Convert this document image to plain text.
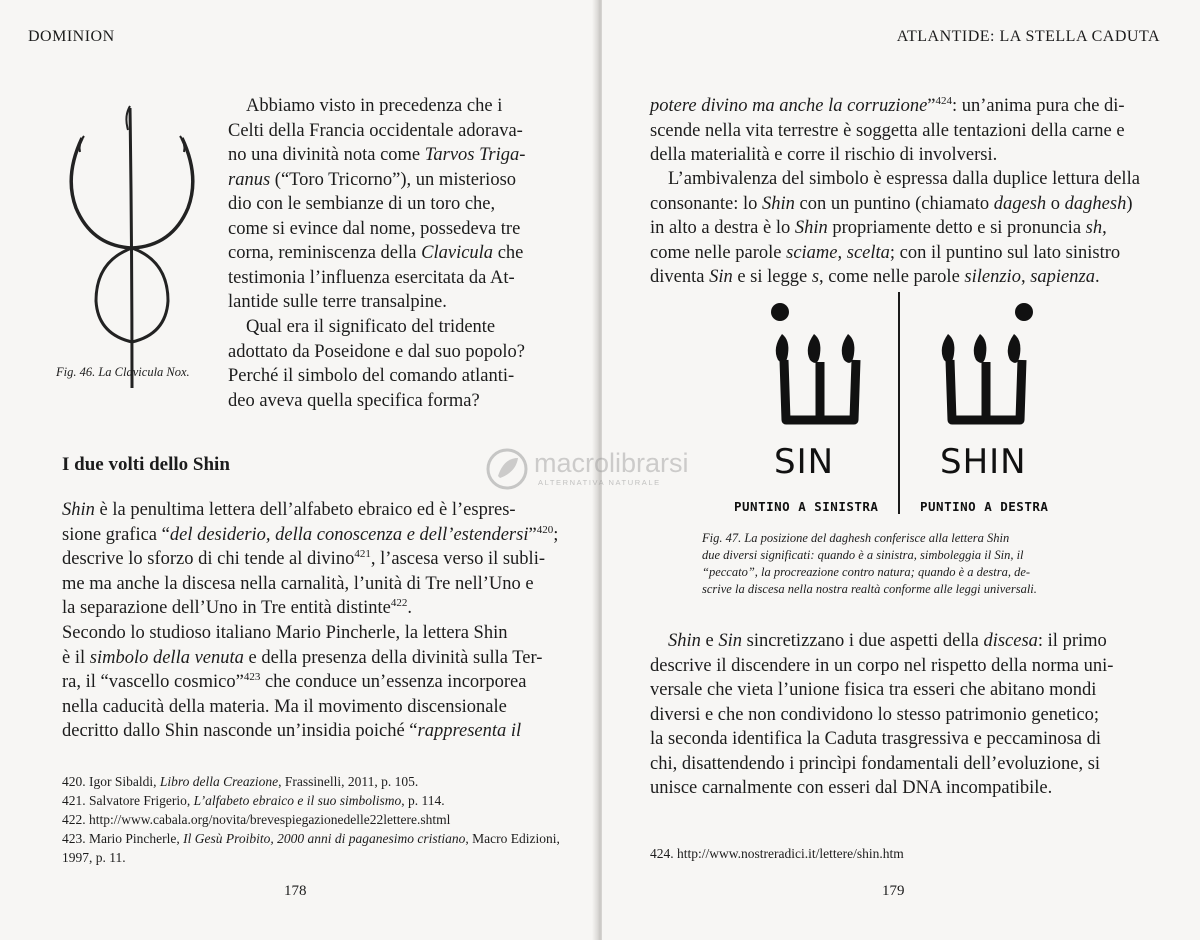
DOMINION

Fig. 46. La Clavicula Nox.

Abbiamo visto in precedenza che i
Celti della Francia occidentale adorava-
no una divinità nota come Tarvos Triga-
ranus (“Toro Tricorno”), un misterioso
dio con le sembianze di un toro che,
come si evince dal nome, possedeva tre
corna, reminiscenza della Clavicula che
testimonia l’influenza esercitata da At-
lantide sulle terre transalpine.

Qual era il significato del tridente
adottato da Poseidone e dal suo popolo?
Perché il simbolo del comando atlanti-
deo aveva quella specifica forma?

I due volti dello Shin

Shin è la penultima lettera dell’alfabeto ebraico ed è l’espres-
sione grafica “del desiderio, della conoscenza e dell’estendersi”$^{420}$;
descrive lo sforzo di chi tende al divino$^{421}$, l’ascesa verso il subli-
me ma anche la discesa nella carnalità, l’unità di Tre nell’Uno e
la separazione dell’Uno in Tre entità distinte$^{422}$.

Secondo lo studioso italiano Mario Pincherle, la lettera Shin
è il simbolo della venuta e della presenza della divinità sulla Ter-
ra, il “vascello cosmico”$^{423}$ che conduce un’essenza incorporea
nella caducità della materia. Ma il movimento discensionale
decritto dallo Shin nasconde un’insidia poiché “rappresenta il

420. Igor Sibaldi, Libro della Creazione, Frassinelli, 2011, p. 105.
421. Salvatore Frigerio, L’alfabeto ebraico e il suo simbolismo, p. 114.
422. http://www.cabala.org/novita/brevespiegazionedelle22lettere.shtml
423. Mario Pincherle, Il Gesù Proibito, 2000 anni di paganesimo cristiano, Macro Edizioni,
1997, p. 11.
178
ATLANTIDE: LA STELLA CADUTA

potere divino ma anche la corruzione”$^{424}$: un’anima pura che di-
scende nella vita terrestre è soggetta alle tentazioni della carne e
della materialità e corre il rischio di involversi.

L’ambivalenza del simbolo è espressa dalla duplice lettura della
consonante: lo Shin con un puntino (chiamato dagesh o daghesh)
in alto a destra è lo Shin propriamente detto e si pronuncia sh,
come nelle parole sciame, scelta; con il puntino sul lato sinistro
diventa Sin e si legge s, come nelle parole silenzio, sapienza.

SIN
PUNTINO A SINISTRA
SHIN
PUNTINO A DESTRA

Fig. 47. La posizione del daghesh conferisce alla lettera Shin
due diversi significati: quando è a sinistra, simboleggia il Sin, il
“peccato”, la procreazione contro natura; quando è a destra, de-
scrive la discesa nella nostra realtà conforme alle leggi universali.

Shin e Sin sincretizzano i due aspetti della discesa: il primo
descrive il discendere in un corpo nel rispetto della norma uni-
versale che vieta l’unione fisica tra esseri che abitano mondi
diversi e che non condividono lo stesso patrimonio genetico;
la seconda identifica la Caduta trasgressiva e peccaminosa di
chi, disattendendo i princìpi fondamentali dell’evoluzione, si
unisce carnalmente con esseri dal DNA incompatibile.

424. http://www.nostreradici.it/lettere/shin.htm
179
macrolibrarsi
ALTERNATIVA NATURALE
